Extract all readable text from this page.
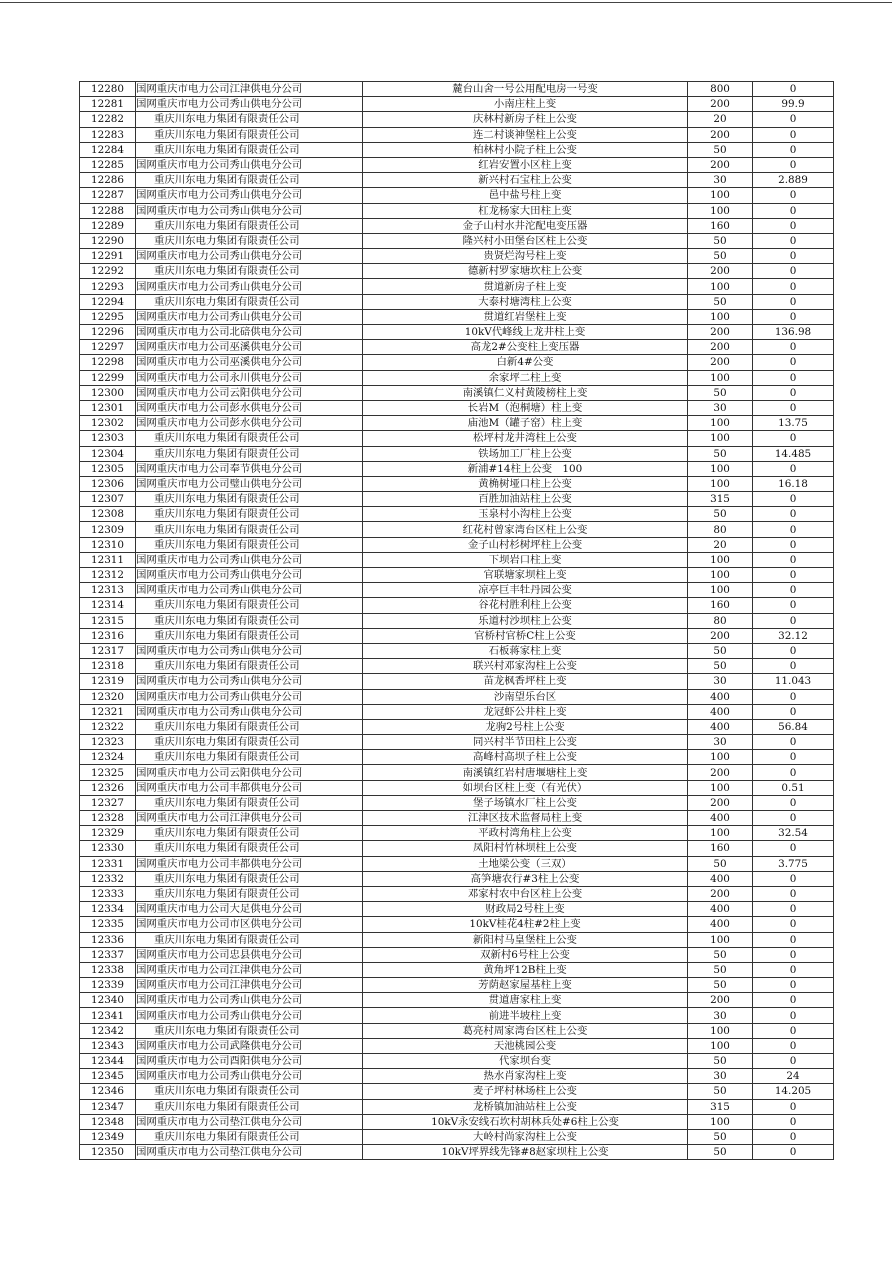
12280	国网重庆市电力公司江津供电分公司	麓台山舍一号公用配电房一号变	800	0
12281	国网重庆市电力公司秀山供电分公司	小南庄柱上变	200	99.9
12282	重庆川东电力集团有限责任公司	庆林村新房子柱上公变	20	0
12283	重庆川东电力集团有限责任公司	连二村谈神堡柱上公变	200	0
12284	重庆川东电力集团有限责任公司	柏林村小院子柱上公变	50	0
12285	国网重庆市电力公司秀山供电分公司	红岩安置小区柱上变	200	0
12286	重庆川东电力集团有限责任公司	新兴村石宝柱上公变	30	2.889
12287	国网重庆市电力公司秀山供电分公司	邑中盐号柱上变	100	0
12288	国网重庆市电力公司秀山供电分公司	杠龙杨家大田柱上变	100	0
12289	重庆川东电力集团有限责任公司	金子山村水井沱配电变压器	160	0
12290	重庆川东电力集团有限责任公司	隆兴村小田堡台区柱上公变	50	0
12291	国网重庆市电力公司秀山供电分公司	贵贤烂沟号柱上变	50	0
12292	重庆川东电力集团有限责任公司	德新村罗家塘坎柱上公变	200	0
12293	国网重庆市电力公司秀山供电分公司	贯道新房子柱上变	100	0
12294	重庆川东电力集团有限责任公司	大泰村塘湾柱上公变	50	0
12295	国网重庆市电力公司秀山供电分公司	贯道红岩堡柱上变	100	0
12296	国网重庆市电力公司北碚供电分公司	10kV代峰线上龙井柱上变	200	136.98
12297	国网重庆市电力公司巫溪供电分公司	高龙2#公变柱上变压器	200	0
12298	国网重庆市电力公司巫溪供电分公司	白新4#公变	200	0
12299	国网重庆市电力公司永川供电分公司	余家坪二柱上变	100	0
12300	国网重庆市电力公司云阳供电分公司	南溪镇仁义村黄陵榜柱上变	50	0
12301	国网重庆市电力公司彭水供电分公司	长岩M（泡桐塘）柱上变	30	0
12302	国网重庆市电力公司彭水供电分公司	庙池M（罐子窑）柱上变	100	13.75
12303	重庆川东电力集团有限责任公司	松坪村龙井湾柱上公变	100	0
12304	重庆川东电力集团有限责任公司	铁场加工厂柱上公变	50	14.485
12305	国网重庆市电力公司奉节供电分公司	新浦#14柱上公变　100	100	0
12306	国网重庆市电力公司璧山供电分公司	黄桷树垭口柱上公变	100	16.18
12307	重庆川东电力集团有限责任公司	百胜加油站柱上公变	315	0
12308	重庆川东电力集团有限责任公司	玉泉村小沟柱上公变	50	0
12309	重庆川东电力集团有限责任公司	红花村曾家湾台区柱上公变	80	0
12310	重庆川东电力集团有限责任公司	金子山村杉树坪柱上公变	20	0
12311	国网重庆市电力公司秀山供电分公司	下坝岩口柱上变	100	0
12312	国网重庆市电力公司秀山供电分公司	官联塘家坝柱上变	100	0
12313	国网重庆市电力公司秀山供电分公司	凉亭巨丰牡丹园公变	100	0
12314	重庆川东电力集团有限责任公司	谷花村胜利柱上公变	160	0
12315	重庆川东电力集团有限责任公司	乐道村沙坝柱上公变	80	0
12316	重庆川东电力集团有限责任公司	官桥村官桥C柱上公变	200	32.12
12317	国网重庆市电力公司秀山供电分公司	石板蒋家柱上变	50	0
12318	重庆川东电力集团有限责任公司	联兴村邓家沟柱上公变	50	0
12319	国网重庆市电力公司秀山供电分公司	苗龙枫香坪柱上变	30	11.043
12320	国网重庆市电力公司秀山供电分公司	沙南望乐台区	400	0
12321	国网重庆市电力公司秀山供电分公司	龙冠虾公井柱上变	400	0
12322	重庆川东电力集团有限责任公司	龙驹2号柱上公变	400	56.84
12323	重庆川东电力集团有限责任公司	同兴村半节田柱上公变	30	0
12324	重庆川东电力集团有限责任公司	高峰村高坝子柱上公变	100	0
12325	国网重庆市电力公司云阳供电分公司	南溪镇红岩村唐堰塘柱上变	200	0
12326	国网重庆市电力公司丰都供电分公司	如坝台区柱上变（有光伏）	100	0.51
12327	重庆川东电力集团有限责任公司	堡子场镇水厂柱上公变	200	0
12328	国网重庆市电力公司江津供电分公司	江津区技术监督局柱上变	400	0
12329	重庆川东电力集团有限责任公司	平政村湾角柱上公变	100	32.54
12330	重庆川东电力集团有限责任公司	凤阳村竹林坝柱上公变	160	0
12331	国网重庆市电力公司丰都供电分公司	土地梁公变（三双）	50	3.775
12332	重庆川东电力集团有限责任公司	高笋塘农行#3柱上公变	400	0
12333	重庆川东电力集团有限责任公司	邓家村农中台区柱上公变	200	0
12334	国网重庆市电力公司大足供电分公司	财政局2号柱上变	400	0
12335	国网重庆市电力公司市区供电分公司	10kV桂花4柱#2柱上变	400	0
12336	重庆川东电力集团有限责任公司	新阳村马皇堡柱上公变	100	0
12337	国网重庆市电力公司忠县供电分公司	双新村6号柱上公变	50	0
12338	国网重庆市电力公司江津供电分公司	黄角坪12B柱上变	50	0
12339	国网重庆市电力公司江津供电分公司	芳荫赵家屋基柱上变	50	0
12340	国网重庆市电力公司秀山供电分公司	贯道唐家柱上变	200	0
12341	国网重庆市电力公司秀山供电分公司	前进半坡柱上变	30	0
12342	重庆川东电力集团有限责任公司	葛亮村周家湾台区柱上公变	100	0
12343	国网重庆市电力公司武隆供电分公司	天池桃园公变	100	0
12344	国网重庆市电力公司酉阳供电分公司	代家坝台变	50	0
12345	国网重庆市电力公司秀山供电分公司	热水肖家沟柱上变	30	24
12346	重庆川东电力集团有限责任公司	麦子坪村林场柱上公变	50	14.205
12347	重庆川东电力集团有限责任公司	龙桥镇加油站柱上公变	315	0
12348	国网重庆市电力公司垫江供电分公司	10kV永安线石坎村胡林兵处#6柱上公变	100	0
12349	重庆川东电力集团有限责任公司	大岭村尚家沟柱上公变	50	0
12350	国网重庆市电力公司垫江供电分公司	10kV坪界线先锋#8赵家坝柱上公变	50	0
